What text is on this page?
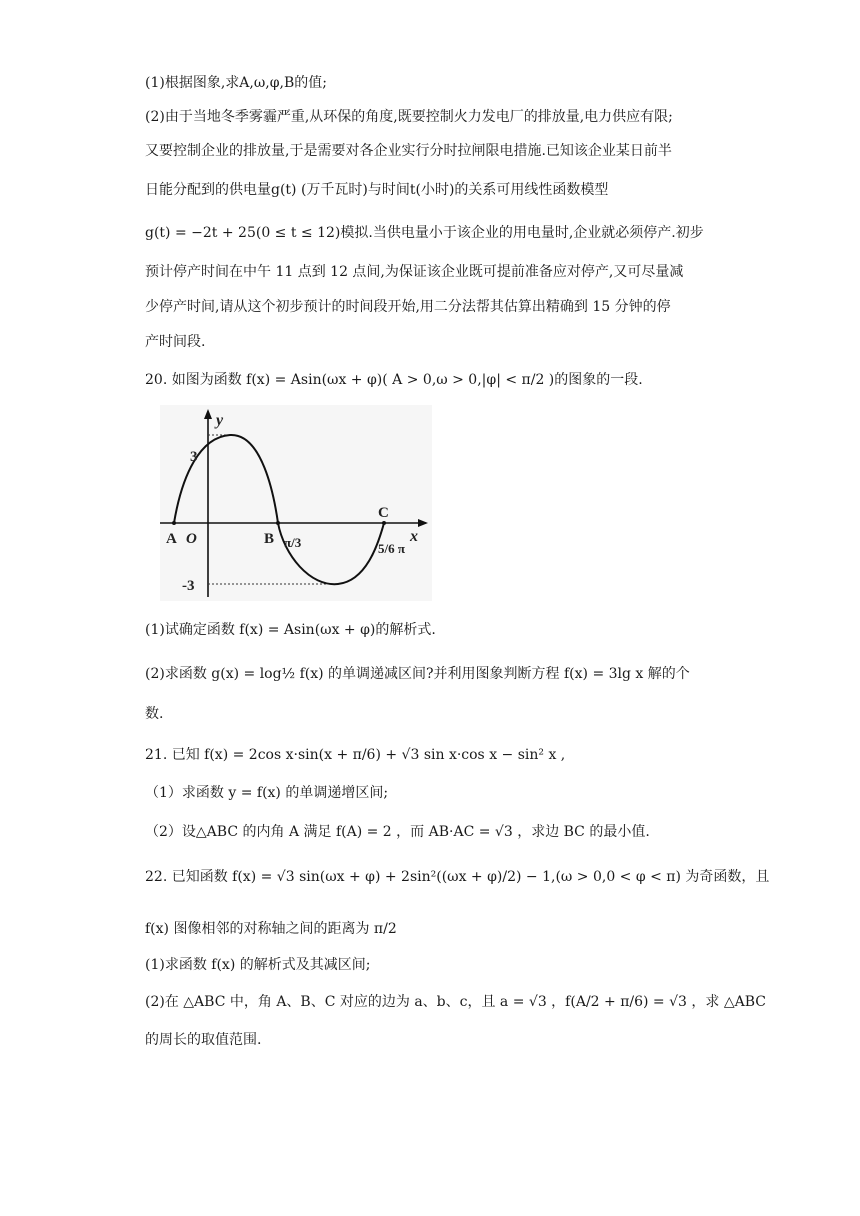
(1)根据图象,求A,ω,φ,B的值;
(2)由于当地冬季雾霾严重,从环保的角度,既要控制火力发电厂的排放量,电力供应有限;
又要控制企业的排放量,于是需要对各企业实行分时拉闸限电措施.已知该企业某日前半
日能分配到的供电量g(t) (万千瓦时)与时间t(小时)的关系可用线性函数模型
g(t) = −2t + 25(0 ≤ t ≤ 12)模拟.当供电量小于该企业的用电量时,企业就必须停产.初步
预计停产时间在中午 11 点到 12 点间,为保证该企业既可提前准备应对停产,又可尽量减
少停产时间,请从这个初步预计的时间段开始,用二分法帮其估算出精确到 15 分钟的停
产时间段.
20. 如图为函数 f(x) = Asin(ωx + φ)( A > 0,ω > 0,|φ| < π/2 )的图象的一段.
y
x
3
-3
A O	B
C
π/3	5/6 π
(1)试确定函数 f(x) = Asin(ωx + φ)的解析式.
(2)求函数 g(x) = log½ f(x) 的单调递减区间?并利用图象判断方程 f(x) = 3lg x 解的个
数.
21. 已知 f(x) = 2cos x·sin(x + π/6) + √3 sin x·cos x − sin² x ,
（1）求函数 y = f(x) 的单调递增区间;
（2）设△ABC 的内角 A 满足 f(A) = 2 ，而 AB·AC = √3 ，求边 BC 的最小值.
22. 已知函数 f(x) = √3 sin(ωx + φ) + 2sin²((ωx + φ)/2) − 1,(ω > 0,0 < φ < π) 为奇函数，且
f(x) 图像相邻的对称轴之间的距离为 π/2
(1)求函数 f(x) 的解析式及其减区间;
(2)在 △ABC 中，角 A、B、C 对应的边为 a、b、c，且 a = √3 ，f(A/2 + π/6) = √3 ，求 △ABC
的周长的取值范围.
